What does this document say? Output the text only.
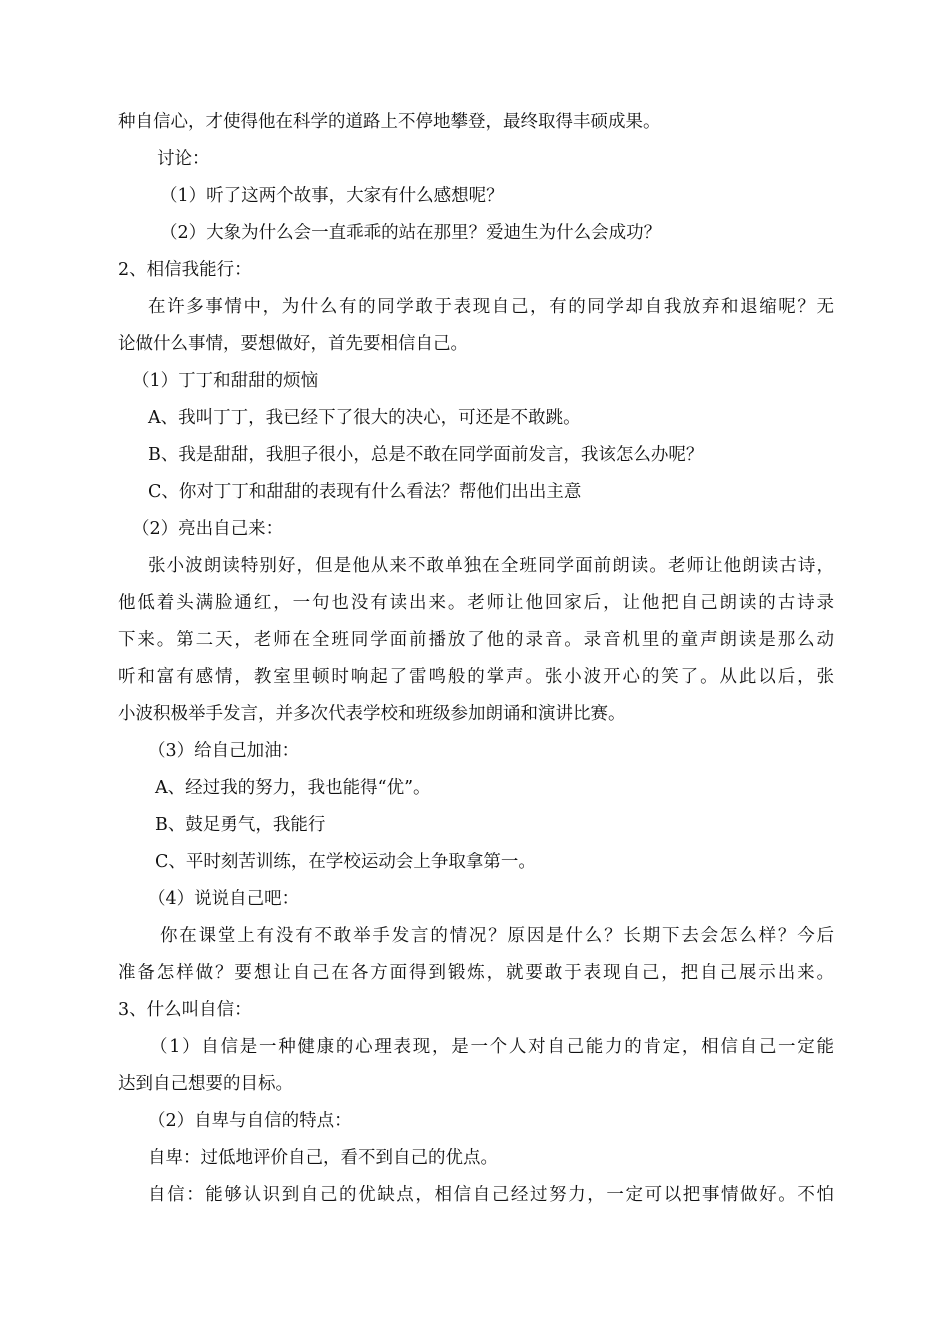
种自信心，才使得他在科学的道路上不停地攀登，最终取得丰硕成果。
讨论：
（1）听了这两个故事，大家有什么感想呢？
（2）大象为什么会一直乖乖的站在那里？爱迪生为什么会成功？
2、相信我能行：
在许多事情中，为什么有的同学敢于表现自己，有的同学却自我放弃和退缩呢？无
论做什么事情，要想做好，首先要相信自己。
（1）丁丁和甜甜的烦恼
A、我叫丁丁，我已经下了很大的决心，可还是不敢跳。
B、我是甜甜，我胆子很小，总是不敢在同学面前发言，我该怎么办呢？
C、你对丁丁和甜甜的表现有什么看法？帮他们出出主意
（2）亮出自己来：
张小波朗读特别好，但是他从来不敢单独在全班同学面前朗读。老师让他朗读古诗，
他低着头满脸通红，一句也没有读出来。老师让他回家后，让他把自己朗读的古诗录
下来。第二天，老师在全班同学面前播放了他的录音。录音机里的童声朗读是那么动
听和富有感情，教室里顿时响起了雷鸣般的掌声。张小波开心的笑了。从此以后，张
小波积极举手发言，并多次代表学校和班级参加朗诵和演讲比赛。
（3）给自己加油：
A、经过我的努力，我也能得“优”。
B、鼓足勇气，我能行
C、平时刻苦训练，在学校运动会上争取拿第一。
（4）说说自己吧：
你在课堂上有没有不敢举手发言的情况？原因是什么？长期下去会怎么样？今后
准备怎样做？要想让自己在各方面得到锻炼，就要敢于表现自己，把自己展示出来。
3、什么叫自信：
（1）自信是一种健康的心理表现，是一个人对自己能力的肯定，相信自己一定能
达到自己想要的目标。
（2）自卑与自信的特点：
自卑：过低地评价自己，看不到自己的优点。
自信：能够认识到自己的优缺点，相信自己经过努力，一定可以把事情做好。不怕
